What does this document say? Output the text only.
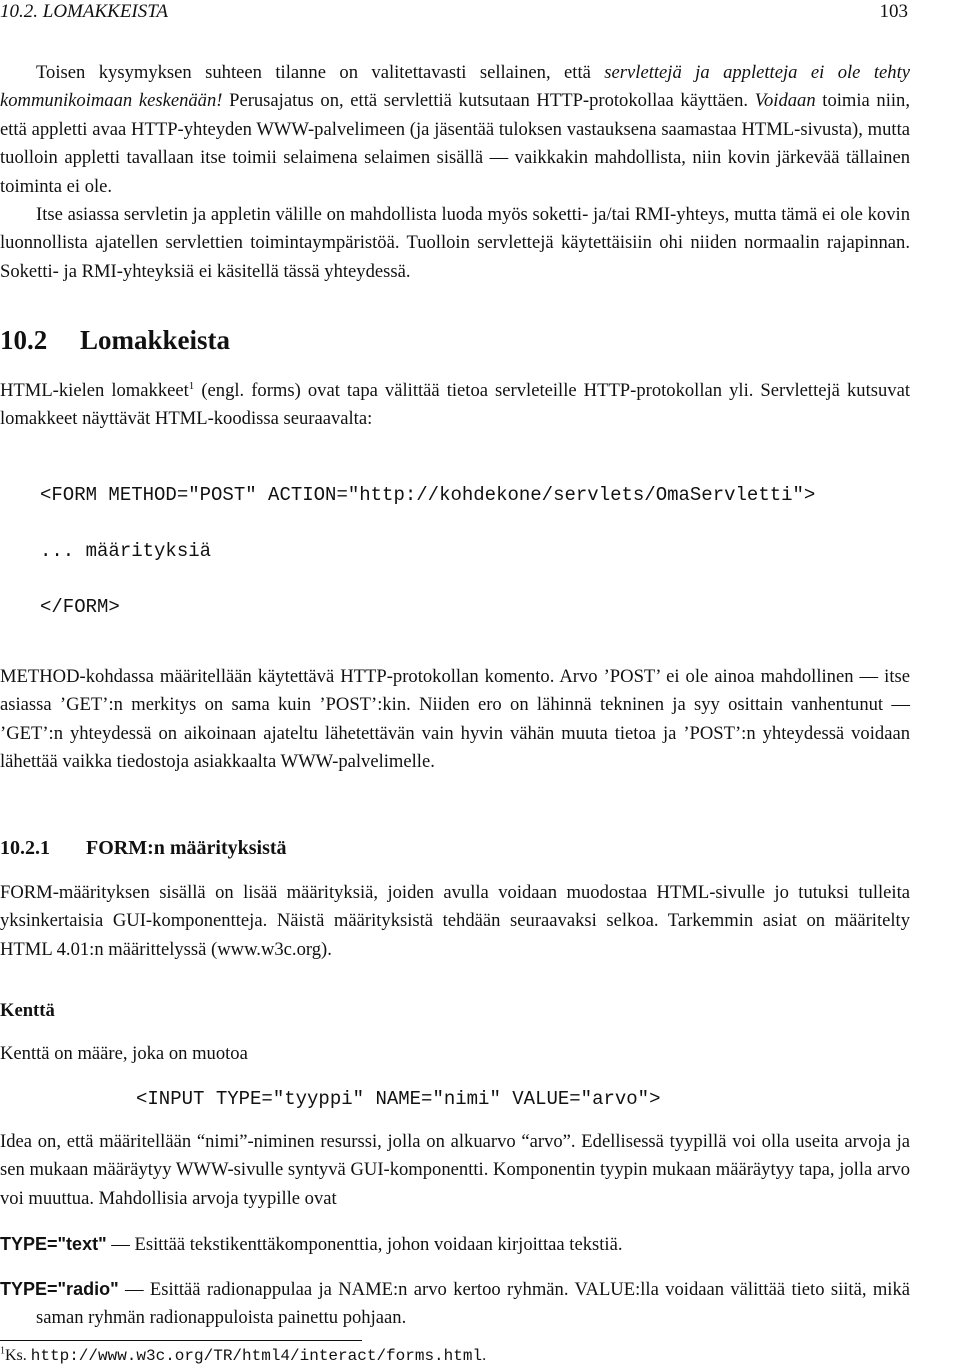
10.2. LOMAKKEISTA	103

Toisen kysymyksen suhteen tilanne on valitettavasti sellainen, että servlettejä ja appletteja ei ole tehty kommunikoimaan keskenään! Perusajatus on, että servlettiä kutsutaan HTTP-protokollaa käyttäen. Voidaan toimia niin, että appletti avaa HTTP-yhteyden WWW-palvelimeen (ja jäsentää tuloksen vastauksena saamastaa HTML-sivusta), mutta tuolloin appletti tavallaan itse toimii selaimena selaimen sisällä — vaikkakin mahdollista, niin kovin järkevää tällainen toiminta ei ole.

Itse asiassa servletin ja appletin välille on mahdollista luoda myös soketti- ja/tai RMI-yhteys, mutta tämä ei ole kovin luonnollista ajatellen servlettien toimintaympäristöä. Tuolloin servlettejä käytettäisiin ohi niiden normaalin rajapinnan. Soketti- ja RMI-yhteyksiä ei käsitellä tässä yhteydessä.

10.2 Lomakkeista

HTML-kielen lomakkeet$^1$ (engl. forms) ovat tapa välittää tietoa servleteille HTTP-protokollan yli. Servlettejä kutsuvat lomakkeet näyttävät HTML-koodissa seuraavalta:

<FORM METHOD="POST" ACTION="http://kohdekone/servlets/OmaServletti">
... määrityksiä
</FORM>

METHOD-kohdassa määritellään käytettävä HTTP-protokollan komento. Arvo ’POST’ ei ole ainoa mahdollinen — itse asiassa ’GET’:n merkitys on sama kuin ’POST’:kin. Niiden ero on lähinnä tekninen ja syy osittain vanhentunut — ’GET’:n yhteydessä on aikoinaan ajateltu lähetettävän vain hyvin vähän muuta tietoa ja ’POST’:n yhteydessä voidaan lähettää vaikka tiedostoja asiakkaalta WWW-palvelimelle.

10.2.1 FORM:n määrityksistä

FORM-määrityksen sisällä on lisää määrityksiä, joiden avulla voidaan muodostaa HTML-sivulle jo tutuksi tulleita yksinkertaisia GUI-komponentteja. Näistä määrityksistä tehdään seuraavaksi selkoa. Tarkemmin asiat on määritelty HTML 4.01:n määrittelyssä (www.w3c.org).

Kenttä
Kenttä on määre, joka on muotoa
<INPUT TYPE="tyyppi" NAME="nimi" VALUE="arvo">

Idea on, että määritellään “nimi”-niminen resurssi, jolla on alkuarvo “arvo”. Edellisessä tyypillä voi olla useita arvoja ja sen mukaan määräytyy WWW-sivulle syntyvä GUI-komponentti. Komponentin tyypin mukaan määräytyy tapa, jolla arvo voi muuttua. Mahdollisia arvoja tyypille ovat

TYPE="text" — Esittää tekstikenttäkomponenttia, johon voidaan kirjoittaa tekstiä.
TYPE="radio" — Esittää radionappulaa ja NAME:n arvo kertoo ryhmän. VALUE:lla voidaan välittää tieto siitä, mikä saman ryhmän radionappuloista painettu pohjaan.
$^1$Ks. http://www.w3c.org/TR/html4/interact/forms.html.
